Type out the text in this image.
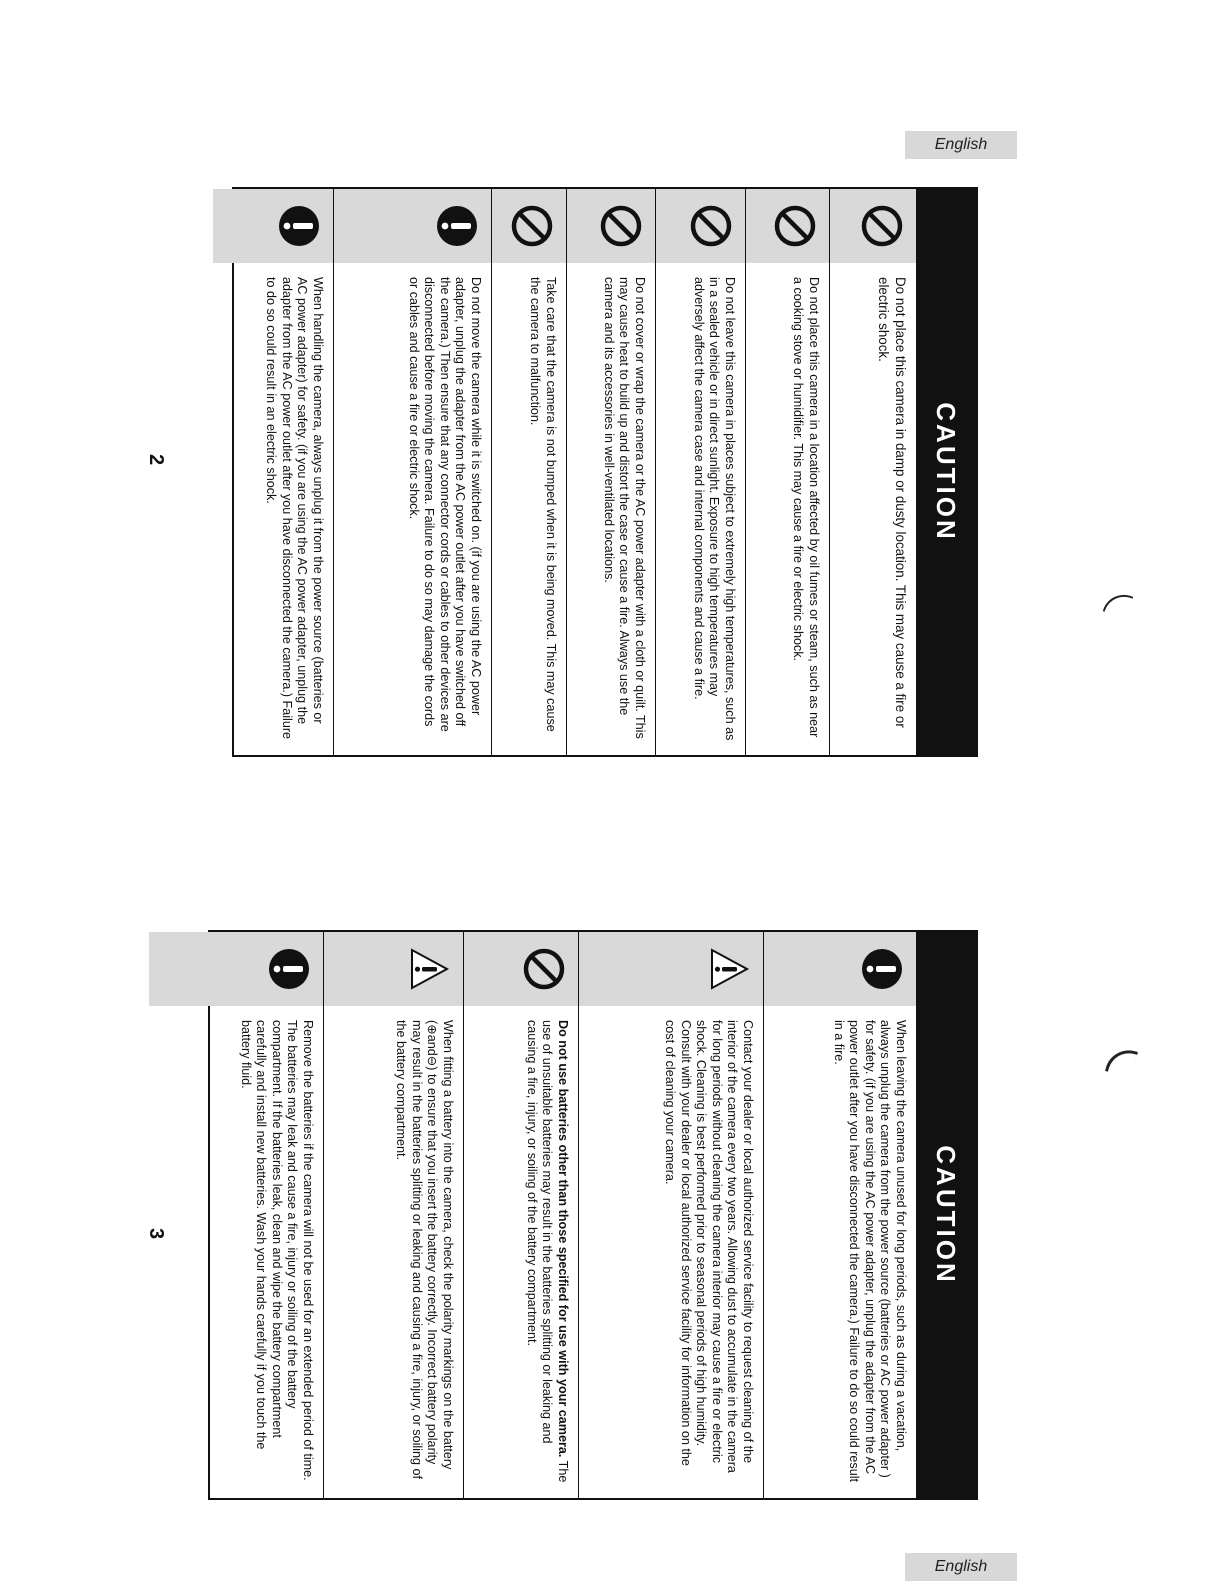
English
English
2
3
CAUTION
Do not place this camera in damp or dusty location. This may cause a fire or electric shock.
Do not place this camera in a location affected by oil fumes or steam, such as near a cooking stove or humidifier. This may cause a fire or electric shock.
Do not leave this camera in places subject to extremely high temperatures, such as in a sealed vehicle or in direct sunlight. Exposure to high temperatures may adversely affect the camera case and internal components and cause a fire.
Do not cover or wrap the camera or the AC power adapter with a cloth or quilt. This may cause heat to build up and distort the case or cause a fire. Always use the camera and its accessories in well-ventilated locations.
Take care that the camera is not bumped when it is being moved. This may cause the camera to malfunction.
Do not move the camera while it is switched on. (if you are using the AC power adapter, unplug the adapter from the AC power outlet after you have switched off the camera.) Then ensure that any connector cords or cables to other devices are disconnected before moving the camera. Failure to do so may damage the cords or cables and cause a fire or electric shock.
When handling the camera, always unplug it from the power source (batteries or AC power adapter) for safety. (if you are using the AC power adapter, unplug the adapter from the AC power outlet after you have disconnected the camera.) Failure to do so could result in an electric shock.
CAUTION
When leaving the camera unused for long periods, such as during a vacation, always unplug the camera from the power source (batteries or AC power adapter ) for safety. (if you are using the AC power adapter, unplug the adapter from the AC power outlet after you have disconnected the camera.) Failure to do so could result in a fire.
Contact your dealer or local authorized service facility to request cleaning of the interior of the camera every two years. Allowing dust to accumulate in the camera for long periods without cleaning the camera interior may cause a fire or electric shock. Cleaning is best performed prior to seasonal periods of high humidity. Consult with your dealer or local authorized service facility for information on the cost of cleaning your camera.
Do not use batteries other than those specified for use with your camera. The use of unsuitable batteries may result in the batteries splitting or leaking and causing a fire, injury, or soiling of the battery compartment.
When fitting a battery into the camera, check the polarity markings on the battery (⊕and⊖) to ensure that you insert the battery correctly. Incorrect battery polarity may result in the batteries splitting or leaking and causing a fire, injury, or soiling of the battery compartment.
Remove the batteries if the camera will not be used for an extended period of time. The batteries may leak and cause a fire, injury or soiling of the battery compartment. If the batteries leak, clean and wipe the battery compartment carefully and install new batteries. Wash your hands carefully if you touch the battery fluid.
